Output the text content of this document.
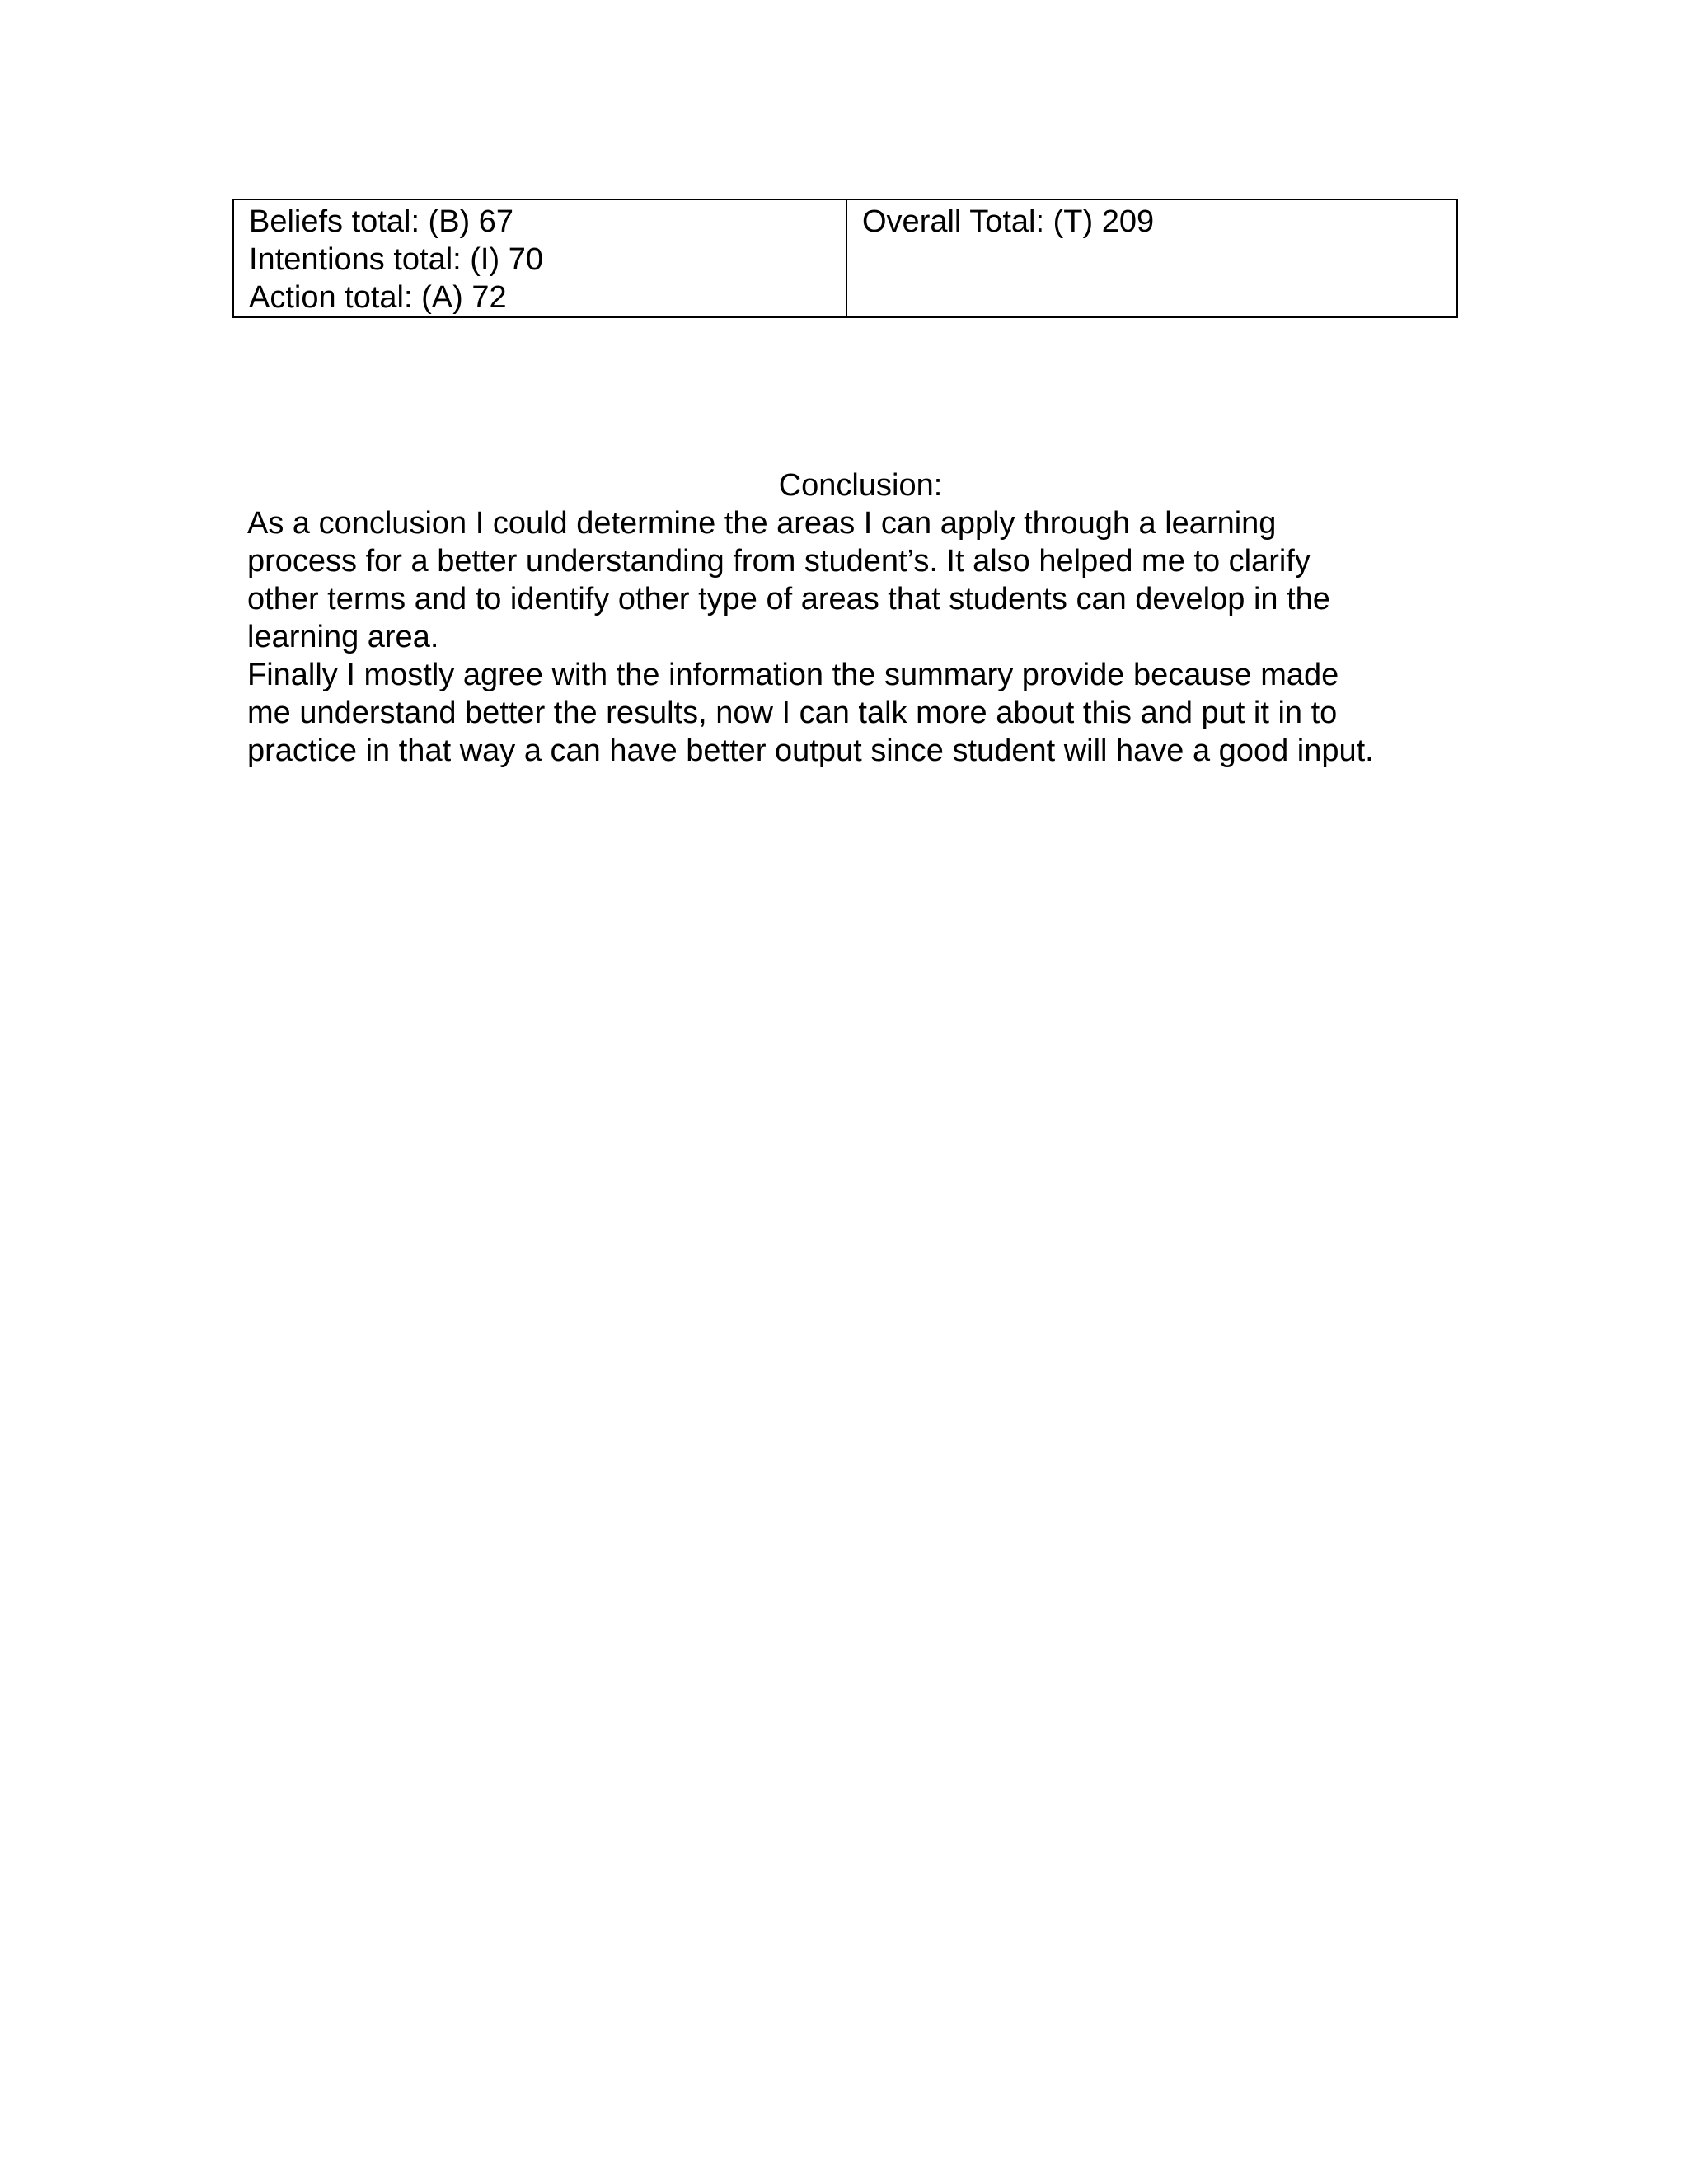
Beliefs total: (B) 67
Intentions total: (I) 70
Action total: (A) 72

Overall Total: (T) 209
Conclusion:

As a conclusion I could determine the areas I can apply through a learning
process for a better understanding from student’s. It also helped me to clarify
other terms and to identify other type of areas that students can develop in the
learning area.

Finally I mostly agree with the information the summary provide because made
me understand better the results, now I can talk more about this and put it in to
practice in that way a can have better output since student will have a good input.
